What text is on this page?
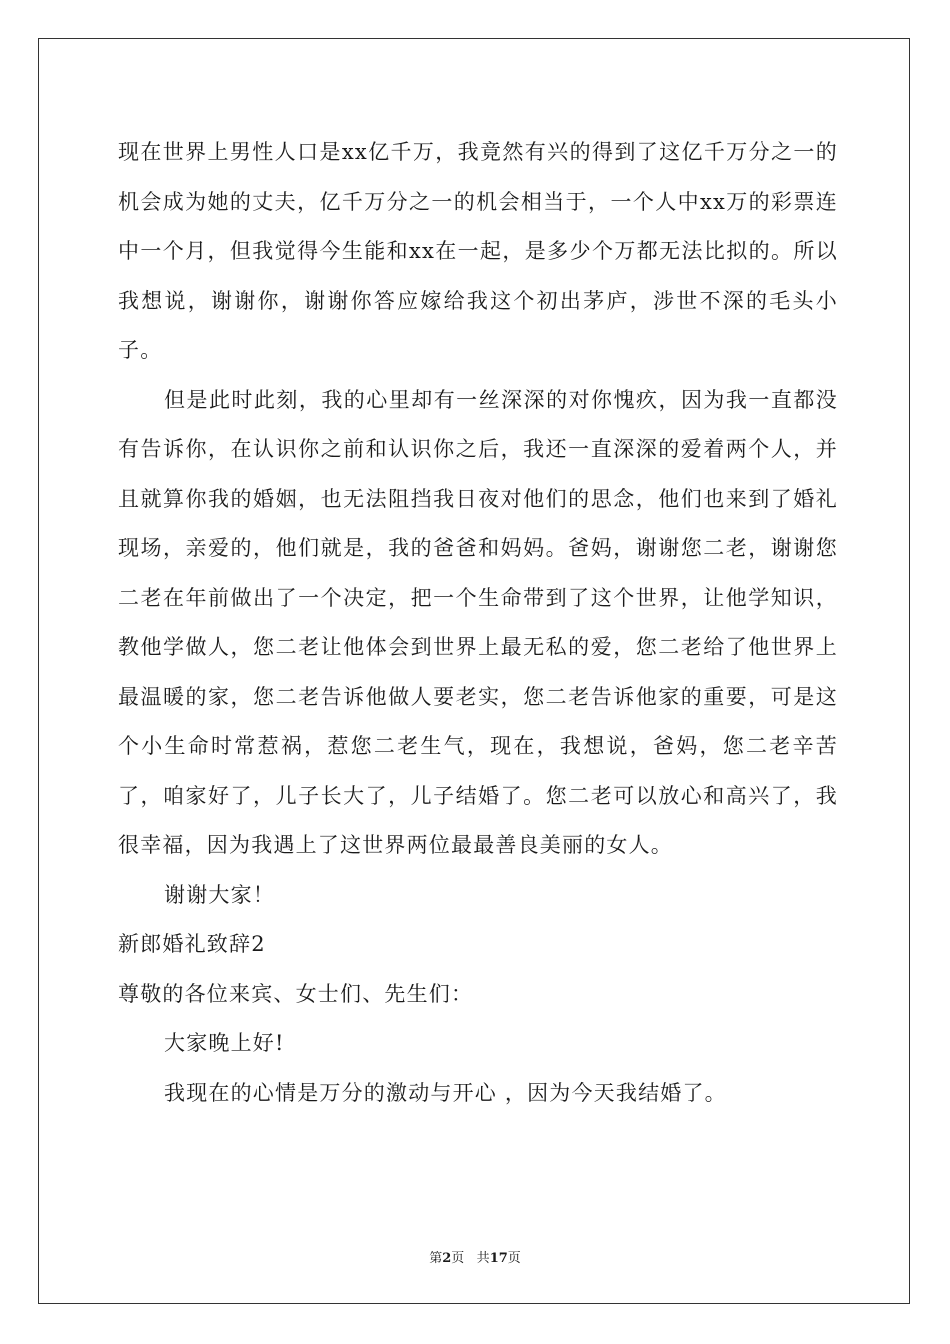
现在世界上男性人口是xx亿千万，我竟然有兴的得到了这亿千万分之一的机会成为她的丈夫，亿千万分之一的机会相当于，一个人中xx万的彩票连中一个月，但我觉得今生能和xx在一起，是多少个万都无法比拟的。所以我想说，谢谢你，谢谢你答应嫁给我这个初出茅庐，涉世不深的毛头小子。

但是此时此刻，我的心里却有一丝深深的对你愧疚，因为我一直都没有告诉你，在认识你之前和认识你之后，我还一直深深的爱着两个人，并且就算你我的婚姻，也无法阻挡我日夜对他们的思念，他们也来到了婚礼现场，亲爱的，他们就是，我的爸爸和妈妈。爸妈，谢谢您二老，谢谢您二老在年前做出了一个决定，把一个生命带到了这个世界，让他学知识，教他学做人，您二老让他体会到世界上最无私的爱，您二老给了他世界上最温暖的家，您二老告诉他做人要老实，您二老告诉他家的重要，可是这个小生命时常惹祸，惹您二老生气，现在，我想说，爸妈，您二老辛苦了，咱家好了，儿子长大了，儿子结婚了。您二老可以放心和高兴了，我很幸福，因为我遇上了这世界两位最最善良美丽的女人。

谢谢大家！

新郎婚礼致辞2

尊敬的各位来宾、女士们、先生们：

大家晚上好!

我现在的心情是万分的激动与开心 ，因为今天我结婚了。

第2页 共17页
